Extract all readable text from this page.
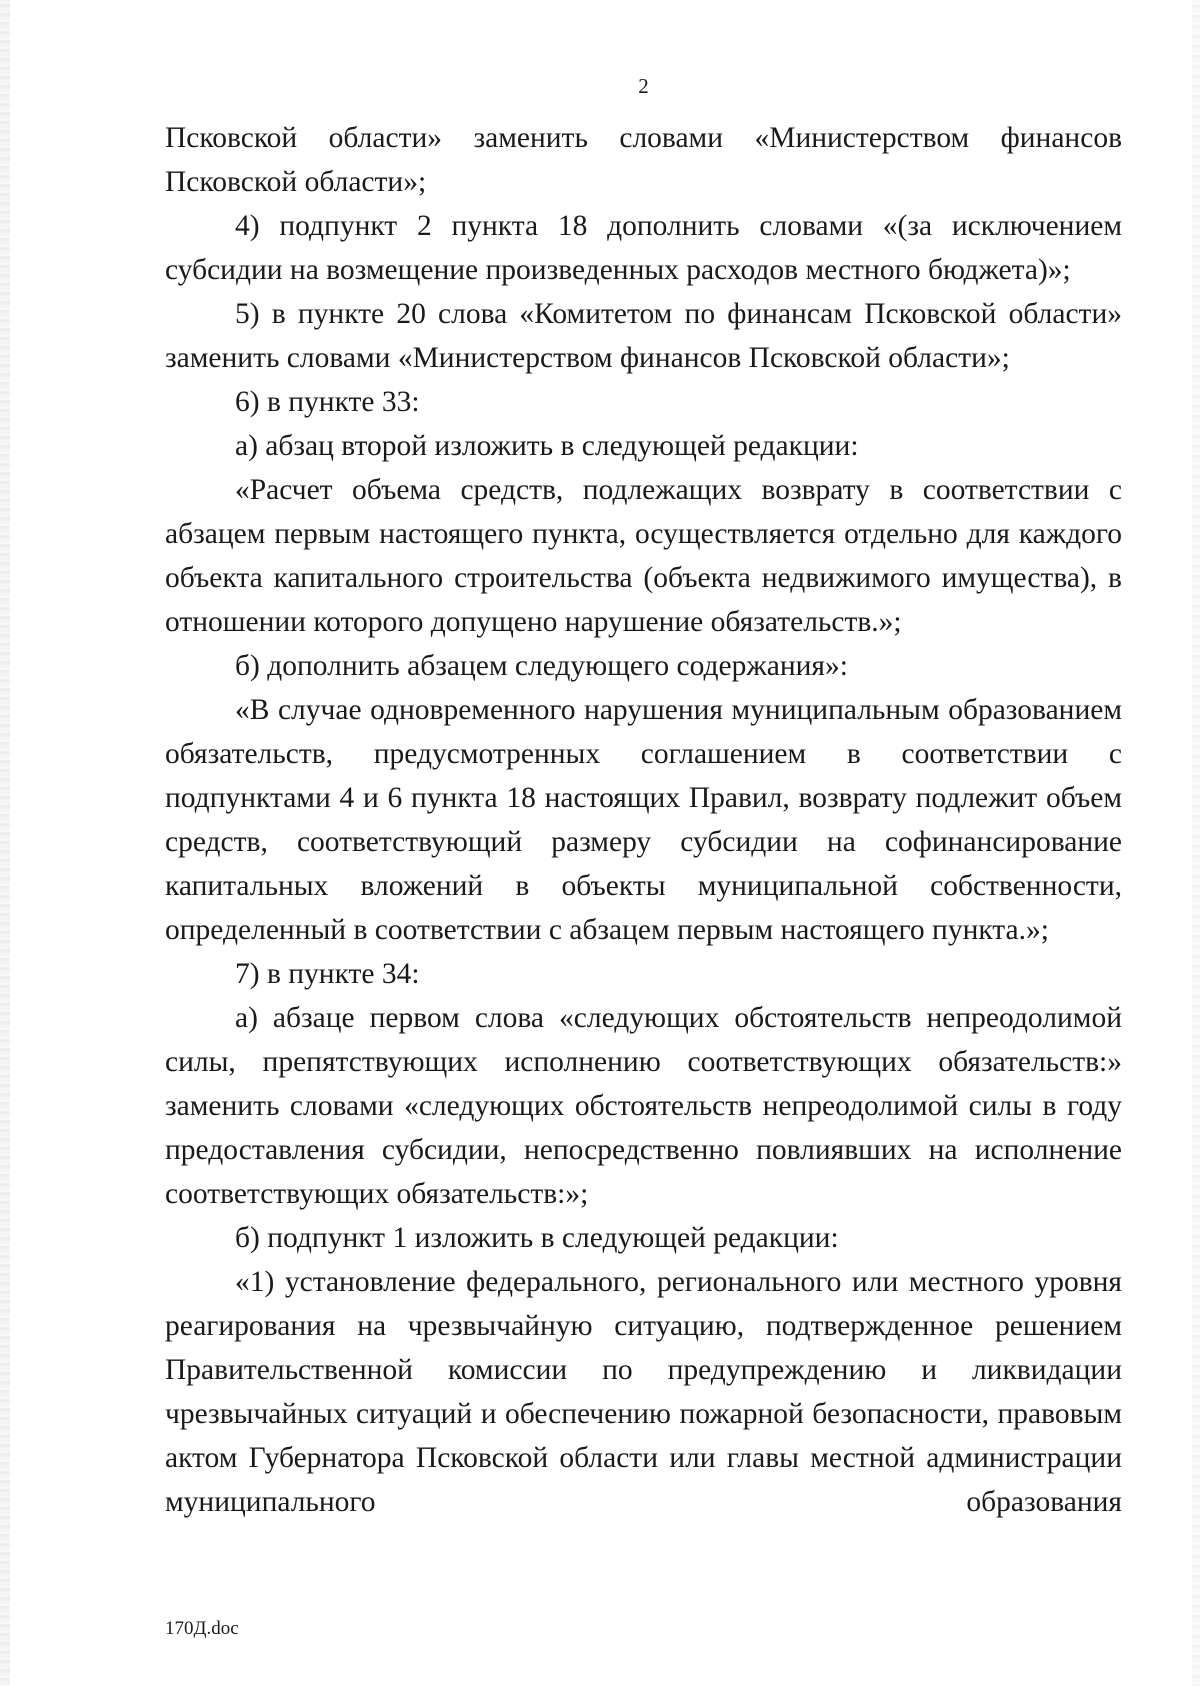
2

Псковской области» заменить словами «Министерством финансов Псковской области»;

4) подпункт 2 пункта 18 дополнить словами «(за исключением субсидии на возмещение произведенных расходов местного бюджета)»;

5) в пункте 20 слова «Комитетом по финансам Псковской области» заменить словами «Министерством финансов Псковской области»;

6) в пункте 33:

а) абзац второй изложить в следующей редакции:

«Расчет объема средств, подлежащих возврату в соответствии с абзацем первым настоящего пункта, осуществляется отдельно для каждого объекта капитального строительства (объекта недвижимого имущества), в отношении которого допущено нарушение обязательств.»;

б) дополнить абзацем следующего содержания»:

«В случае одновременного нарушения муниципальным образованием обязательств, предусмотренных соглашением в соответствии с подпунктами 4 и 6 пункта 18 настоящих Правил, возврату подлежит объем средств, соответствующий размеру субсидии на софинансирование капитальных вложений в объекты муниципальной собственности, определенный в соответствии с абзацем первым настоящего пункта.»;

7) в пункте 34:

а) абзаце первом слова «следующих обстоятельств непреодолимой силы, препятствующих исполнению соответствующих обязательств:» заменить словами «следующих обстоятельств непреодолимой силы в году предоставления субсидии, непосредственно повлиявших на исполнение соответствующих обязательств:»;

б) подпункт 1 изложить в следующей редакции:

«1) установление федерального, регионального или местного уровня реагирования на чрезвычайную ситуацию, подтвержденное решением Правительственной комиссии по предупреждению и ликвидации чрезвычайных ситуаций и обеспечению пожарной безопасности, правовым актом Губернатора Псковской области или главы местной администрации муниципального образования

170Д.doc
